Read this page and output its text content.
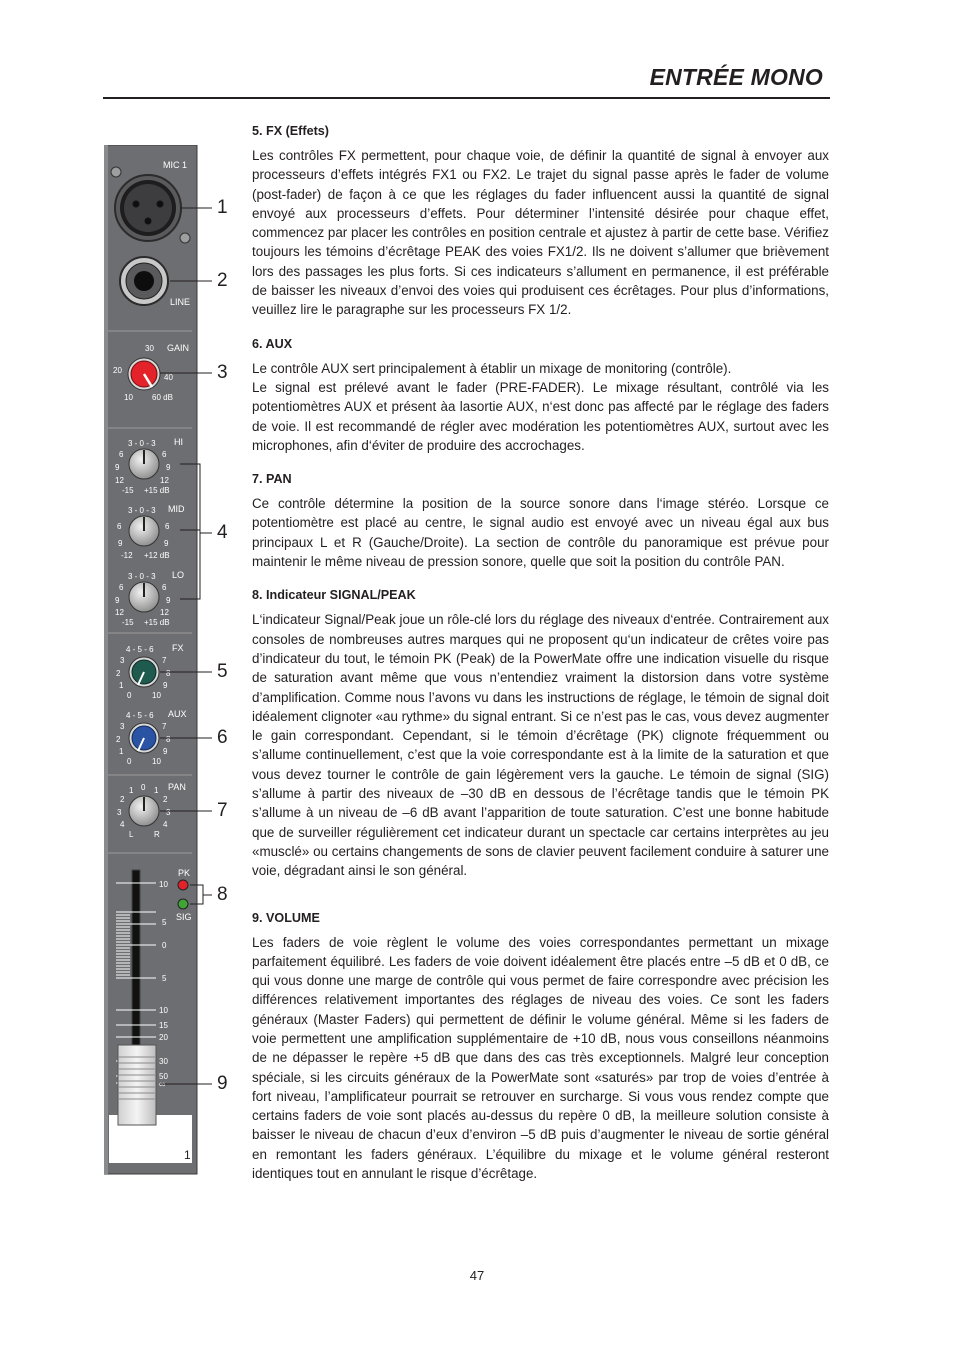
ENTRÉE MONO
1
MIC 1
LINE
GAIN
30
20
40
10 60 dB
HI
3 - 0 - 3
6	6
9	9
12	12
-15 +15 dB
MID
3 - 0 - 3
6	6
9	9
-12 +12 dB
LO
3 - 0 - 3
6	6
9	9
12	12
-15 +15 dB
FX
4 - 5 - 6
3	7
2	8
1	9
0	10
AUX
4 - 5 - 6
3	7
2	8
1	9
0	10
PAN
1 0 1
2	2
3	3
4	4
L	R
PK
SIG
10
5
0
5
10
15
20
30
50
∞
1
2
3
4
5
6
7
8
9
5. FX (Effets)

Les contrôles FX permettent, pour chaque voie, de définir la quantité de signal à envoyer aux processeurs d’effets intégrés FX1 ou FX2. Le trajet du signal passe après le fader de volume (post-fader) de façon à ce que les réglages du fader influencent aussi la quantité de signal envoyé aux processeurs d’effets. Pour déterminer l’intensité désirée pour chaque effet, commencez par placer les contrôles en position centrale et ajustez à partir de cette base. Vérifiez toujours les témoins d’écrêtage PEAK des voies FX1/2. Ils ne doivent s’allumer que brièvement lors des passages les plus forts. Si ces indicateurs s’allument en permanence, il est préférable de baisser les niveaux d’envoi des voies qui produisent ces écrêtages. Pour plus d’informations, veuillez lire le paragraphe sur les processeurs FX 1/2.

6. AUX

Le contrôle AUX sert principalement à établir un mixage de monitoring (contrôle).

Le signal est prélevé avant le fader (PRE-FADER). Le mixage résultant, contrôlé via les potentiomètres AUX et présent àa lasortie AUX, n‘est donc pas affecté par le réglage des faders de voie. Il est recommandé de régler avec modération les potentiomètres AUX, surtout avec les microphones, afin d‘éviter de produire des accrochages.

7. PAN

Ce contrôle détermine la position de la source sonore dans l‘image stéréo. Lorsque ce potentiomètre est placé au centre, le signal audio est envoyé avec un niveau égal aux bus principaux L et R (Gauche/Droite). La section de contrôle du panoramique est prévue pour maintenir le même niveau de pression sonore, quelle que soit la position du contrôle PAN.

8. Indicateur SIGNAL/PEAK

L‘indicateur Signal/Peak joue un rôle-clé lors du réglage des niveaux d‘entrée. Contrairement aux consoles de nombreuses autres marques qui ne proposent qu‘un indicateur de crêtes voire pas d’indicateur du tout, le témoin PK (Peak) de la PowerMate offre une indication visuelle du risque de saturation avant même que vous n’entendiez vraiment la distorsion dans votre système d’amplification. Comme nous l’avons vu dans les instructions de réglage, le témoin de signal doit idéalement clignoter «au rythme» du signal entrant. Si ce n’est pas le cas, vous devez augmenter le gain correspondant. Cependant, si le témoin d’écrêtage (PK) clignote fréquemment ou s’allume continuellement, c’est que la voie correspondante est à la limite de la saturation et que vous devez tourner le contrôle de gain légèrement vers la gauche. Le témoin de signal (SIG) s’allume à partir des niveaux de –30 dB en dessous de l’écrêtage tandis que le témoin PK s’allume à un niveau de –6 dB avant l’apparition de toute saturation. C’est une bonne habitude que de surveiller régulièrement cet indicateur durant un spectacle car certains interprètes au jeu «musclé» ou certains changements de sons de clavier peuvent facilement conduire à saturer une voie, dégradant ainsi le son général.

9. VOLUME

Les faders de voie règlent le volume des voies correspondantes permettant un mixage parfaitement équilibré. Les faders de voie doivent idéalement être placés entre –5 dB et 0 dB, ce qui vous donne une marge de contrôle qui vous permet de faire correspondre avec précision les différences relativement importantes des réglages de niveau des voies. Ce sont les faders généraux (Master Faders) qui permettent de définir le volume général. Même si les faders de voie permettent une amplification supplémentaire de +10 dB, nous vous conseillons néanmoins de ne dépasser le repère +5 dB que dans des cas très exceptionnels. Malgré leur conception spéciale, si les circuits généraux de la PowerMate sont «saturés» par trop de voies d’entrée à fort niveau, l’amplificateur pourrait se retrouver en surcharge. Si vous vous rendez compte que certains faders de voie sont placés au-dessus du repère 0 dB, la meilleure solution consiste à baisser le niveau de chacun d’eux d’environ –5 dB puis d’augmenter le niveau de sortie général en remontant les faders généraux. L’équilibre du mixage et le volume général resteront identiques tout en annulant le risque d’écrêtage.

47
